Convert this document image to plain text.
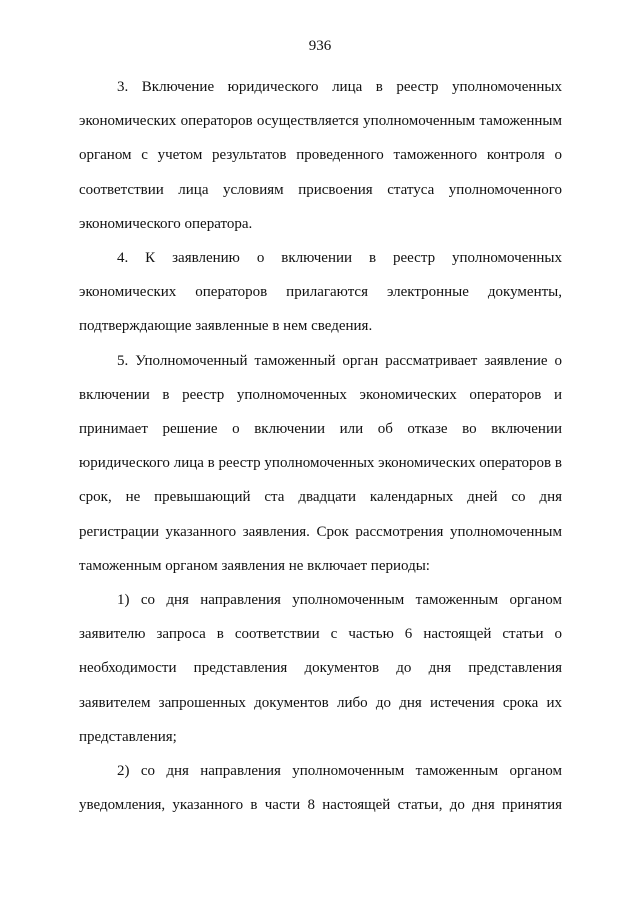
936

3. Включение юридического лица в реестр уполномоченных экономических операторов осуществляется уполномоченным таможенным органом с учетом результатов проведенного таможенного контроля о соответствии лица условиям присвоения статуса уполномоченного экономического оператора.

4. К заявлению о включении в реестр уполномоченных экономических операторов прилагаются электронные документы, подтверждающие заявленные в нем сведения.

5. Уполномоченный таможенный орган рассматривает заявление о включении в реестр уполномоченных экономических операторов и принимает решение о включении или об отказе во включении юридического лица в реестр уполномоченных экономических операторов в срок, не превышающий ста двадцати календарных дней со дня регистрации указанного заявления. Срок рассмотрения уполномоченным таможенным органом заявления не включает периоды:

1) со дня направления уполномоченным таможенным органом заявителю запроса в соответствии с частью 6 настоящей статьи о необходимости представления документов до дня представления заявителем запрошенных документов либо до дня истечения срока их представления;

2) со дня направления уполномоченным таможенным органом уведомления, указанного в части 8 настоящей статьи, до дня принятия
